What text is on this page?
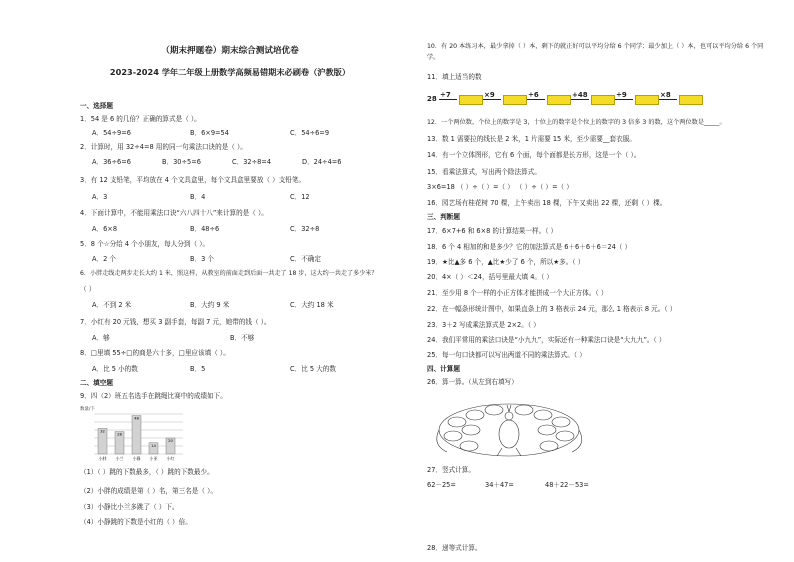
（期末押题卷）期末综合测试培优卷
2023-2024 学年二年级上册数学高频易错期末必刷卷（沪教版）
一、选择题
1．54 是 6 的几倍？正确的算式是（ ）。
A．54÷9=6	B．6×9=54	C．54÷6=9
2．计算时，用 32÷4=8 用的同一句乘法口诀的是（ ）。
A．36÷6=6	B．30÷5=6	C．32÷8=4	D．24÷4=6
3．有 12 支铅笔，平均放在 4 个文具盒里，每个文具盒里要放（ ）支铅笔。
A．3	B．4	C．12
4．下面计算中，不能用乘法口诀“六八四十八”来计算的是（ ）。
A．6×8	B．48÷6	C．32÷8
5．8 个☆分给 4 个小朋友，每人分到（ ）。
A．2 个	B．3 个	C．不确定
6．小胖走线走两步走长大约 1 米，照这样，从教室的前面走到后面一共走了 18 步，这大约一共走了多少米？
（ ）
A．不到 2 米	B．大约 9 米	C．大约 18 米
7．小红有 20 元钱，想买 3 副手套，每副 7 元，她带的钱（ ）。
A．够	B．不够
8．□里填 55÷□的商是六十多，□里应该填（ ）。
A．比 5 小的数	B．5	C．比 5 大的数
二、填空题
9．四（2）班五名选手在跳绳比赛中的成绩如下。
数量/下
32
小胖
28
小兰
48
小静
14
小亚
20
小红
（1）（ ）跳的下数最多，（ ）跳的下数最少。
（2）小胖的成绩是第（ ）名，第三名是（ ）。
（3）小静比小兰多跳了（ ）下。
（4）小静跳的下数是小红的（ ）倍。
10．有 20 本练习本，最少拿掉（ ）本，剩下的就正好可以平均分给 6 个同学；最少加上（ ）本，也可以平均分给 6 个同学。
11．填上适当的数
28 ÷7	×9	÷6	+48	÷9	×8
12．一个两位数，个位上的数字是 3，十位上的数字是个位上的数字的 3 倍多 3 的数，这个两位数是_____。
13．数 1 需要拉的线长是 2 米，1 片需要 15 米，至少需要__套衣服。
14．有一个立体图形，它有 6 个面，每个面都是长方形，这是一个（ ）。
15．看乘法算式，写出两个除法算式。
3×6=18 （ ）÷（ ）=（ ） （ ）÷（ ）=（ ）
16．园艺场有桂花树 70 棵，上午卖出 18 棵，下午又卖出 22 棵，还剩（ ）棵。
三、判断题
17．6×7+6 和 6×8 的计算结果一样。（ ）
18．6 个 4 相加的和是多少？它的加法算式是 6＋6＋6＋6＝24（ ）
19．★比▲多 6 个，▲比★少了 6 个，所以★多。（ ）
20．4×（ ）＜24，括号里最大填 4。（ ）
21．至少用 8 个一样的小正方体才能拼成一个大正方体。（ ）
22．在一幅条形统计图中，如果直条上的 3 格表示 24 元，那么 1 格表示 8 元。（ ）
23．3＋2 写成乘法算式是 2×2。（ ）
24．我们平常用的乘法口诀是“小九九”，实际还有一种乘法口诀是“大九九”。（ ）
25．每一句口诀都可以写出两道不同的乘法算式。（ ）
四、计算题
26．算一算。（从左到右填写）
27．竖式计算。
62－25=	34＋47=	48＋22－53=
28．递等式计算。
